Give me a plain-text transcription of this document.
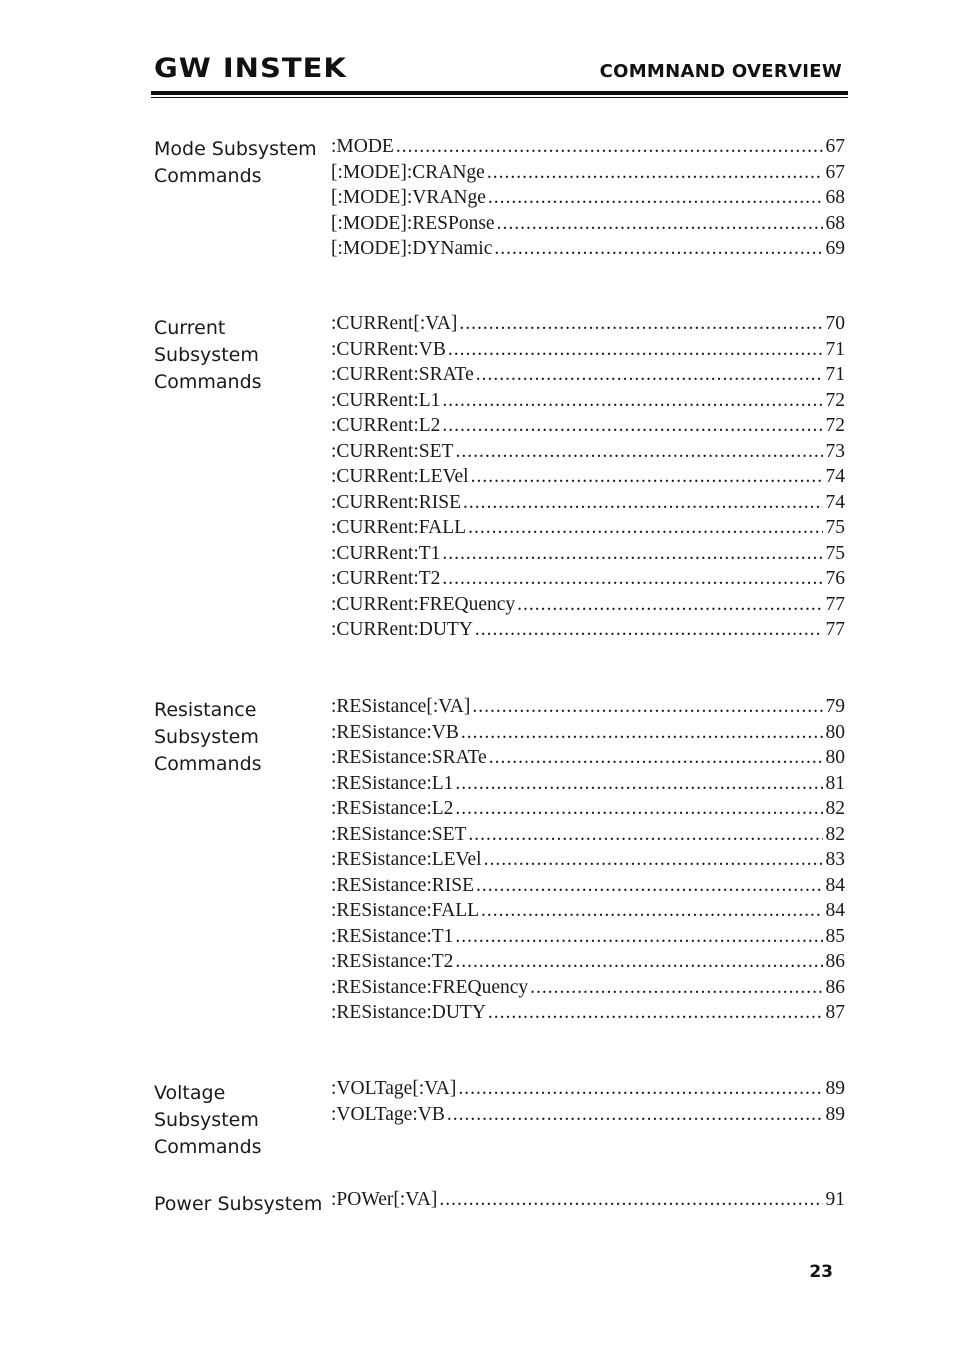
GW INSTEK	COMMNAND OVERVIEW
Mode Subsystem Commands
:MODE .....	67
[:MODE]:CRANge .....	67
[:MODE]:VRANge .....	68
[:MODE]:RESPonse .....	68
[:MODE]:DYNamic .....	69
Current Subsystem Commands
:CURRent[:VA] .....	70
:CURRent:VB .....	71
:CURRent:SRATe .....	71
:CURRent:L1 .....	72
:CURRent:L2 .....	72
:CURRent:SET .....	73
:CURRent:LEVel .....	74
:CURRent:RISE .....	74
:CURRent:FALL .....	75
:CURRent:T1 .....	75
:CURRent:T2 .....	76
:CURRent:FREQuency .....	77
:CURRent:DUTY .....	77
Resistance Subsystem Commands
:RESistance[:VA] .....	79
:RESistance:VB .....	80
:RESistance:SRATe .....	80
:RESistance:L1 .....	81
:RESistance:L2 .....	82
:RESistance:SET .....	82
:RESistance:LEVel .....	83
:RESistance:RISE .....	84
:RESistance:FALL .....	84
:RESistance:T1 .....	85
:RESistance:T2 .....	86
:RESistance:FREQuency .....	86
:RESistance:DUTY .....	87
Voltage Subsystem Commands
:VOLTage[:VA] .....	89
:VOLTage:VB .....	89
Power Subsystem :POWer[:VA] .....	91
23
